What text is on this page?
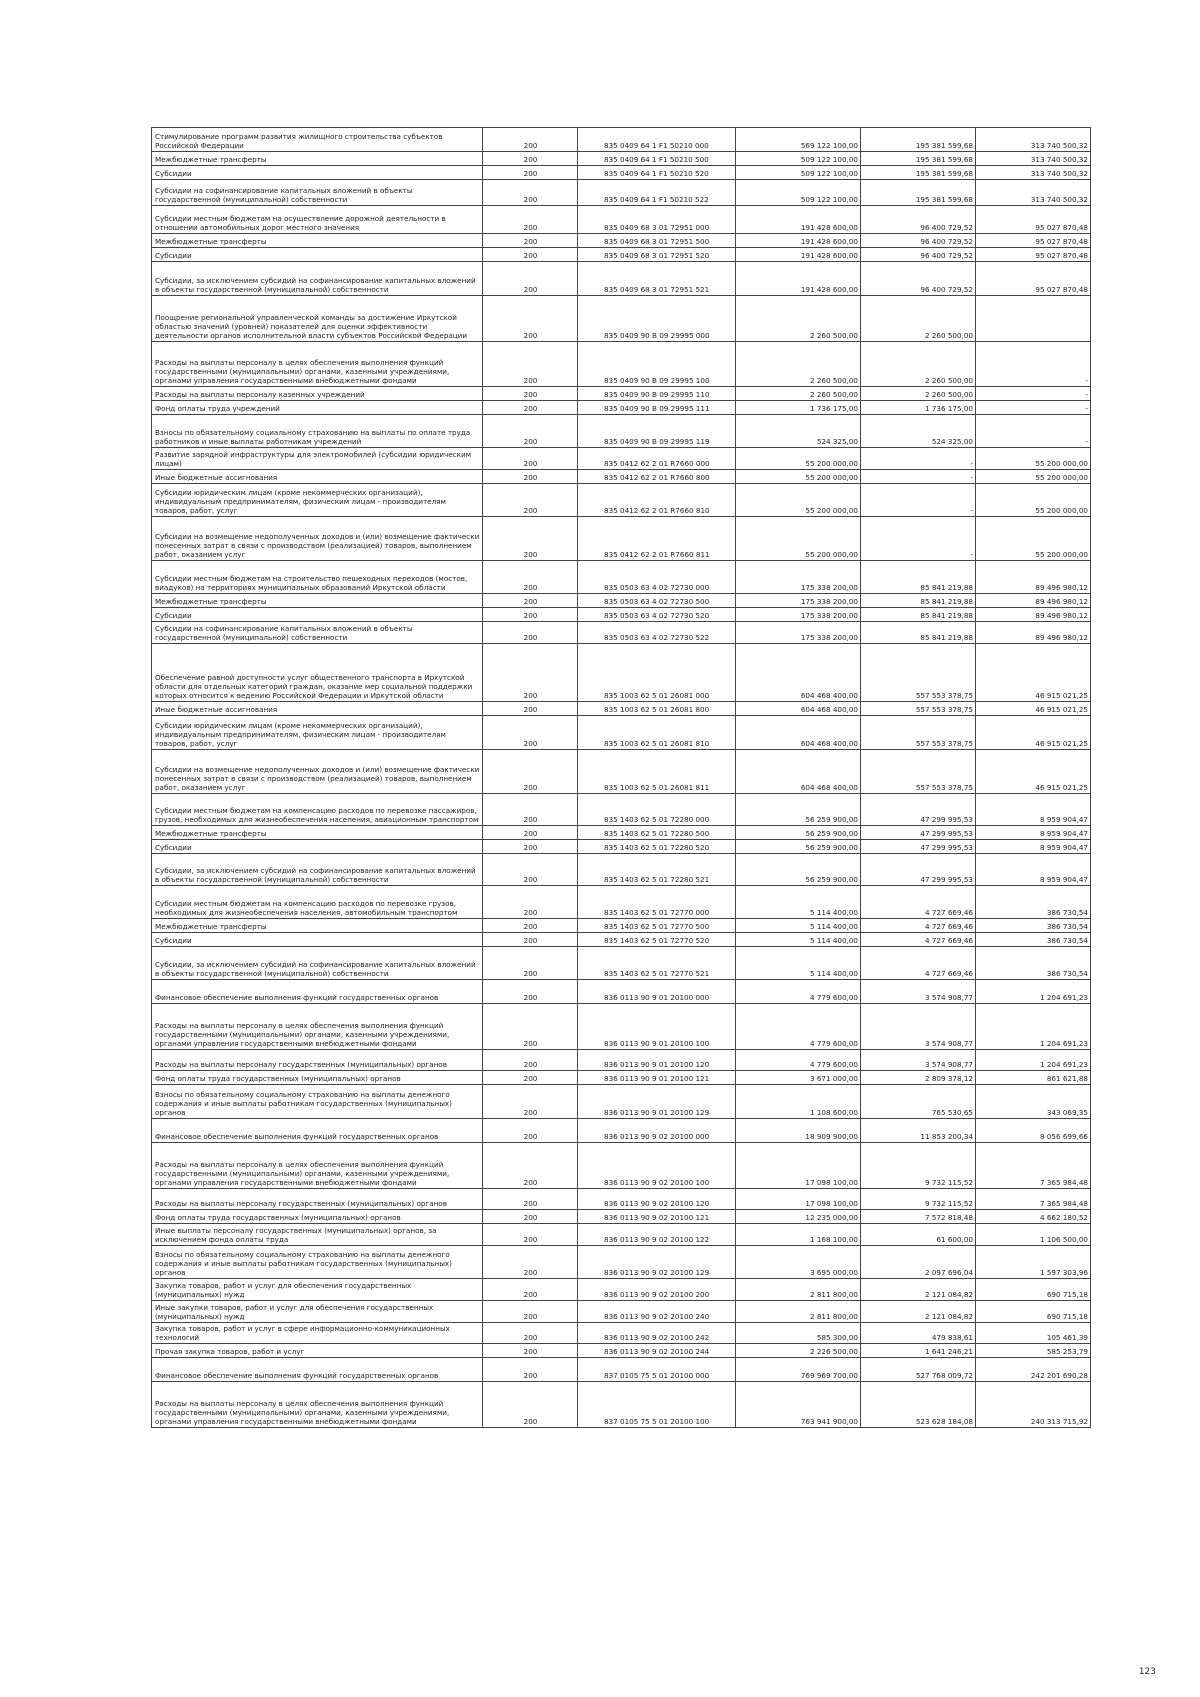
Стимулирование программ развития жилищного строительства субъектов Российской Федерации	200	835 0409 64 1 F1 50210 000	569 122 100,00	195 381 599,68	313 740 500,32
Межбюджетные трансферты	200	835 0409 64 1 F1 50210 500	509 122 100,00	195 381 599,68	313 740 500,32
Субсидии	200	835 0409 64 1 F1 50210 520	509 122 100,00	195 381 599,68	313 740 500,32
Субсидии на софинансирование капитальных вложений в объекты государственной (муниципальной) собственности	200	835 0409 64 1 F1 50210 522	509 122 100,00	195 381 599,68	313 740 500,32
Субсидии местным бюджетам на осуществление дорожной деятельности в отношении автомобильных дорог местного значения	200	835 0409 68 3 01 72951 000	191 428 600,00	96 400 729,52	95 027 870,48
Межбюджетные трансферты	200	835 0409 68 3 01 72951 500	191 428 600,00	96 400 729,52	95 027 870,48
Субсидии	200	835 0409 68 3 01 72951 520	191 428 600,00	96 400 729,52	95 027 870,48
Субсидии, за исключением субсидий на софинансирование капитальных вложений в объекты государственной (муниципальной) собственности	200	835 0409 68 3 01 72951 521	191 428 600,00	96 400 729,52	95 027 870,48
Поощрение региональной управленческой команды за достижение Иркутской областью значений (уровней) показателей для оценки эффективности деятельности органов исполнительной власти субъектов Российской Федерации	200	835 0409 90 В 09 29995 000	2 260 500,00	2 260 500,00	
Расходы на выплаты персоналу в целях обеспечения выполнения функций государственными (муниципальными) органами, казенными учреждениями, органами управления государственными внебюджетными фондами	200	835 0409 90 В 09 29995 100	2 260 500,00	2 260 500,00	-
Расходы на выплаты персоналу казенных учреждений	200	835 0409 90 В 09 29995 110	2 260 500,00	2 260 500,00	-
Фонд оплаты труда учреждений	200	835 0409 90 В 09 29995 111	1 736 175,00	1 736 175,00	-
Взносы по обязательному социальному страхованию на выплаты по оплате труда работников и иные выплаты работникам учреждений	200	835 0409 90 В 09 29995 119	524 325,00	524 325,00	-
Развитие зарядной инфраструктуры для электромобилей (субсидии юридическим лицам)	200	835 0412 62 2 01 R7660 000	55 200 000,00	-	55 200 000,00
Иные бюджетные ассигнования	200	835 0412 62 2 01 R7660 800	55 200 000,00	-	55 200 000,00
Субсидии юридическим лицам (кроме некоммерческих организаций), индивидуальным предпринимателям, физическим лицам - производителям товаров, работ, услуг	200	835 0412 62 2 01 R7660 810	55 200 000,00	-	55 200 000,00
Субсидии на возмещение недополученных доходов и (или) возмещение фактически понесенных затрат в связи с производством (реализацией) товаров, выполнением работ, оказанием услуг	200	835 0412 62 2 01 R7660 811	55 200 000,00	-	55 200 000,00
Субсидии местным бюджетам на строительство пешеходных переходов (мостов, виадуков) на территориях муниципальных образований Иркутской области	200	835 0503 63 4 02 72730 000	175 338 200,00	85 841 219,88	89 496 980,12
Межбюджетные трансферты	200	835 0503 63 4 02 72730 500	175 338 200,00	85 841 219,88	89 496 980,12
Субсидии	200	835 0503 63 4 02 72730 520	175 338 200,00	85 841 219,88	89 496 980,12
Субсидии на софинансирование капитальных вложений в объекты государственной (муниципальной) собственности	200	835 0503 63 4 02 72730 522	175 338 200,00	85 841 219,88	89 496 980,12
Обеспечение равной доступности услуг общественного транспорта в Иркутской области для отдельных категорий граждан, оказание мер социальной поддержки которых относится к ведению Российской Федерации и Иркутской области	200	835 1003 62 5 01 26081 000	604 468 400,00	557 553 378,75	46 915 021,25
Иные бюджетные ассигнования	200	835 1003 62 5 01 26081 800	604 468 400,00	557 553 378,75	46 915 021,25
Субсидии юридическим лицам (кроме некоммерческих организаций), индивидуальным предпринимателям, физическим лицам - производителям товаров, работ, услуг	200	835 1003 62 5 01 26081 810	604 468 400,00	557 553 378,75	46 915 021,25
Субсидии на возмещение недополученных доходов и (или) возмещение фактически понесенных затрат в связи с производством (реализацией) товаров, выполнением работ, оказанием услуг	200	835 1003 62 5 01 26081 811	604 468 400,00	557 553 378,75	46 915 021,25
Субсидии местным бюджетам на компенсацию расходов по перевозке пассажиров, грузов, необходимых для жизнеобеспечения населения, авиационным транспортом	200	835 1403 62 5 01 72280 000	56 259 900,00	47 299 995,53	8 959 904,47
Межбюджетные трансферты	200	835 1403 62 5 01 72280 500	56 259 900,00	47 299 995,53	8 959 904,47
Субсидии	200	835 1403 62 5 01 72280 520	56 259 900,00	47 299 995,53	8 959 904,47
Субсидии, за исключением субсидий на софинансирование капитальных вложений в объекты государственной (муниципальной) собственности	200	835 1403 62 5 01 72280 521	56 259 900,00	47 299 995,53	8 959 904,47
Субсидии местным бюджетам на компенсацию расходов по перевозке грузов, необходимых для жизнеобеспечения населения, автомобильным транспортом	200	835 1403 62 5 01 72770 000	5 114 400,00	4 727 669,46	386 730,54
Межбюджетные трансферты	200	835 1403 62 5 01 72770 500	5 114 400,00	4 727 669,46	386 730,54
Субсидии	200	835 1403 62 5 01 72770 520	5 114 400,00	4 727 669,46	386 730,54
Субсидии, за исключением субсидий на софинансирование капитальных вложений в объекты государственной (муниципальной) собственности	200	835 1403 62 5 01 72770 521	5 114 400,00	4 727 669,46	386 730,54
Финансовое обеспечение выполнения функций государственных органов	200	836 0113 90 9 01 20100 000	4 779 600,00	3 574 908,77	1 204 691,23
Расходы на выплаты персоналу в целях обеспечения выполнения функций государственными (муниципальными) органами, казенными учреждениями, органами управления государственными внебюджетными фондами	200	836 0113 90 9 01 20100 100	4 779 600,00	3 574 908,77	1 204 691,23
Расходы на выплаты персоналу государственных (муниципальных) органов	200	836 0113 90 9 01 20100 120	4 779 600,00	3 574 908,77	1 204 691,23
Фонд оплаты труда государственных (муниципальных) органов	200	836 0113 90 9 01 20100 121	3 671 000,00	2 809 378,12	861 621,88
Взносы по обязательному социальному страхованию на выплаты денежного содержания и иные выплаты работникам государственных (муниципальных) органов	200	836 0113 90 9 01 20100 129	1 108 600,00	765 530,65	343 069,35
Финансовое обеспечение выполнения функций государственных органов	200	836 0113 90 9 02 20100 000	18 909 900,00	11 853 200,34	8 056 699,66
Расходы на выплаты персоналу в целях обеспечения выполнения функций государственными (муниципальными) органами, казенными учреждениями, органами управления государственными внебюджетными фондами	200	836 0113 90 9 02 20100 100	17 098 100,00	9 732 115,52	7 365 984,48
Расходы на выплаты персоналу государственных (муниципальных) органов	200	836 0113 90 9 02 20100 120	17 098 100,00	9 732 115,52	7 365 984,48
Фонд оплаты труда государственных (муниципальных) органов	200	836 0113 90 9 02 20100 121	12 235 000,00	7 572 818,48	4 662 180,52
Иные выплаты персоналу государственных (муниципальных) органов, за исключением фонда оплаты труда	200	836 0113 90 9 02 20100 122	1 168 100,00	61 600,00	1 106 500,00
Взносы по обязательному социальному страхованию на выплаты денежного содержания и иные выплаты работникам государственных (муниципальных) органов	200	836 0113 90 9 02 20100 129	3 695 000,00	2 097 696,04	1 597 303,96
Закупка товаров, работ и услуг для обеспечения государственных (муниципальных) нужд	200	836 0113 90 9 02 20100 200	2 811 800,00	2 121 084,82	690 715,18
Иные закупки товаров, работ и услуг для обеспечения государственных (муниципальных) нужд	200	836 0113 90 9 02 20100 240	2 811 800,00	2 121 084,82	690 715,18
Закупка товаров, работ и услуг в сфере информационно-коммуникационных технологий	200	836 0113 90 9 02 20100 242	585 300,00	479 838,61	105 461,39
Прочая закупка товаров, работ и услуг	200	836 0113 90 9 02 20100 244	2 226 500,00	1 641 246,21	585 253,79
Финансовое обеспечение выполнения функций государственных органов	200	837 0105 75 5 01 20100 000	769 969 700,00	527 768 009,72	242 201 690,28
Расходы на выплаты персоналу в целях обеспечения выполнения функций государственными (муниципальными) органами, казенными учреждениями, органами управления государственными внебюджетными фондами	200	837 0105 75 5 01 20100 100	763 941 900,00	523 628 184,08	240 313 715,92
123
